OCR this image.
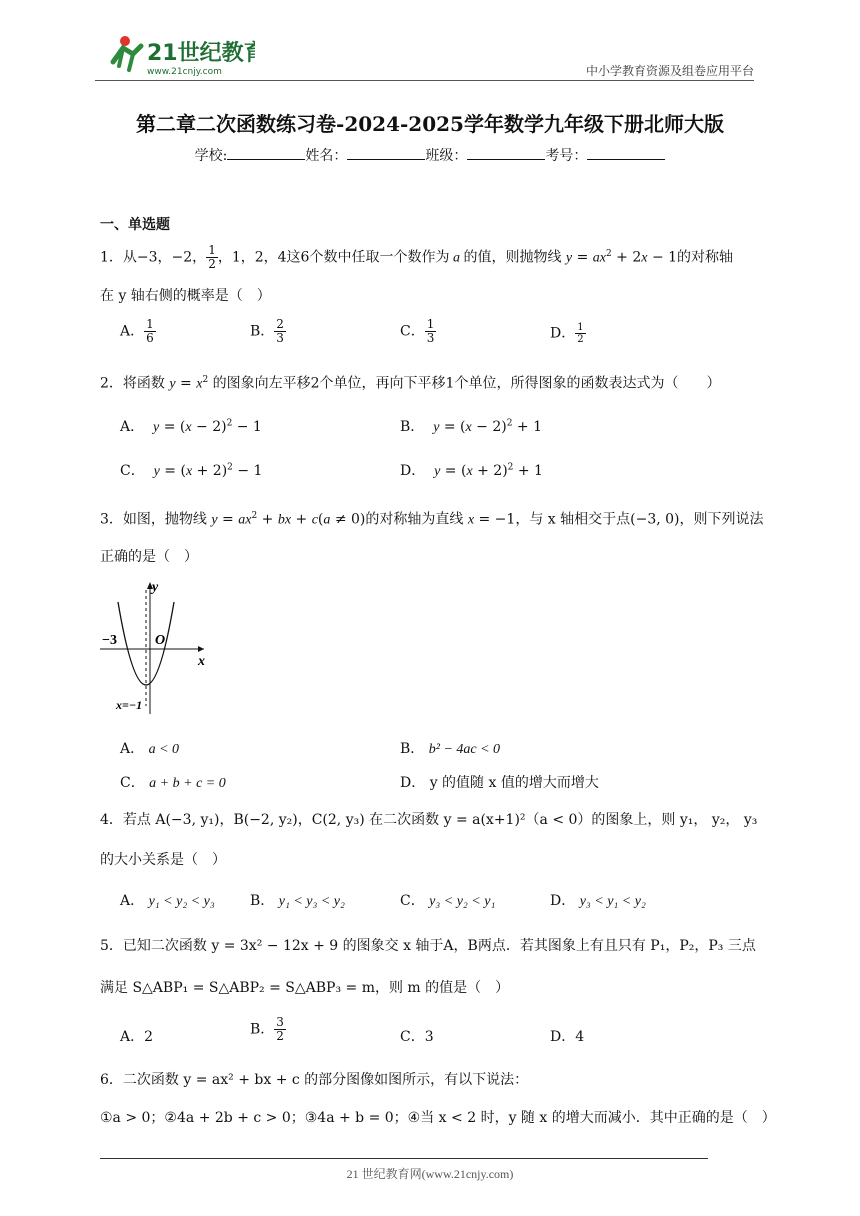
21世纪教育
www.21cnjy.com	中小学教育资源及组卷应用平台
第二章二次函数练习卷-2024-2025学年数学九年级下册北师大版
学校:	姓名：	班级：	考号：
一、单选题
1．从−3，−2， $\frac{1}{2}$ ，1，2，4这6个数中任取一个数作为 a 的值，则抛物线 $y = ax^2 + 2x - 1$的对称轴
在 y 轴右侧的概率是（　）
A． $\frac{1}{6}$	B． $\frac{2}{3}$	C． $\frac{1}{3}$	D． $\frac{1}{2}$
2．将函数 $y = x^2$ 的图象向左平移2个单位，再向下平移1个单位，所得图象的函数表达式为（　　）
A． $y = (x - 2)^2 - 1$	B． $y = (x - 2)^2 + 1$
C． $y = (x + 2)^2 - 1$	D． $y = (x + 2)^2 + 1$
3．如图，抛物线 $y = ax^2$ + bx + c(a ≠ 0)的对称轴为直线 x = −1，与 x 轴相交于点(−3, 0)，则下列说法
正确的是（　）
y
x
O
−3
x=−1
A． a < 0	B． b² − 4ac < 0
C． a + b + c = 0	D． y 的值随 x 值的增大而增大
4．若点 A(−3, y₁)，B(−2, y₂)，C(2, y₃) 在二次函数 y = a(x+1)²（a < 0）的图象上，则 y₁， y₂， y₃
的大小关系是（　）
A． y₁ < y₂ < y₃	B． y₁ < y₃ < y₂	C． y₃ < y₂ < y₁	D． y₃ < y₁ < y₂
5．已知二次函数 y = 3x² − 12x + 9 的图象交 x 轴于A，B两点．若其图象上有且只有 P₁，P₂，P₃ 三点
满足 S△ABP₁ = S△ABP₂ = S△ABP₃ = m，则 m 的值是（　）
A．2	B． $\frac{3}{2}$	C．3	D．4
6．二次函数 y = ax² + bx + c 的部分图像如图所示，有以下说法：
①a > 0；②4a + 2b + c > 0；③4a + b = 0；④当 x < 2 时，y 随 x 的增大而减小．其中正确的是（　）
21 世纪教育网(www.21cnjy.com)
